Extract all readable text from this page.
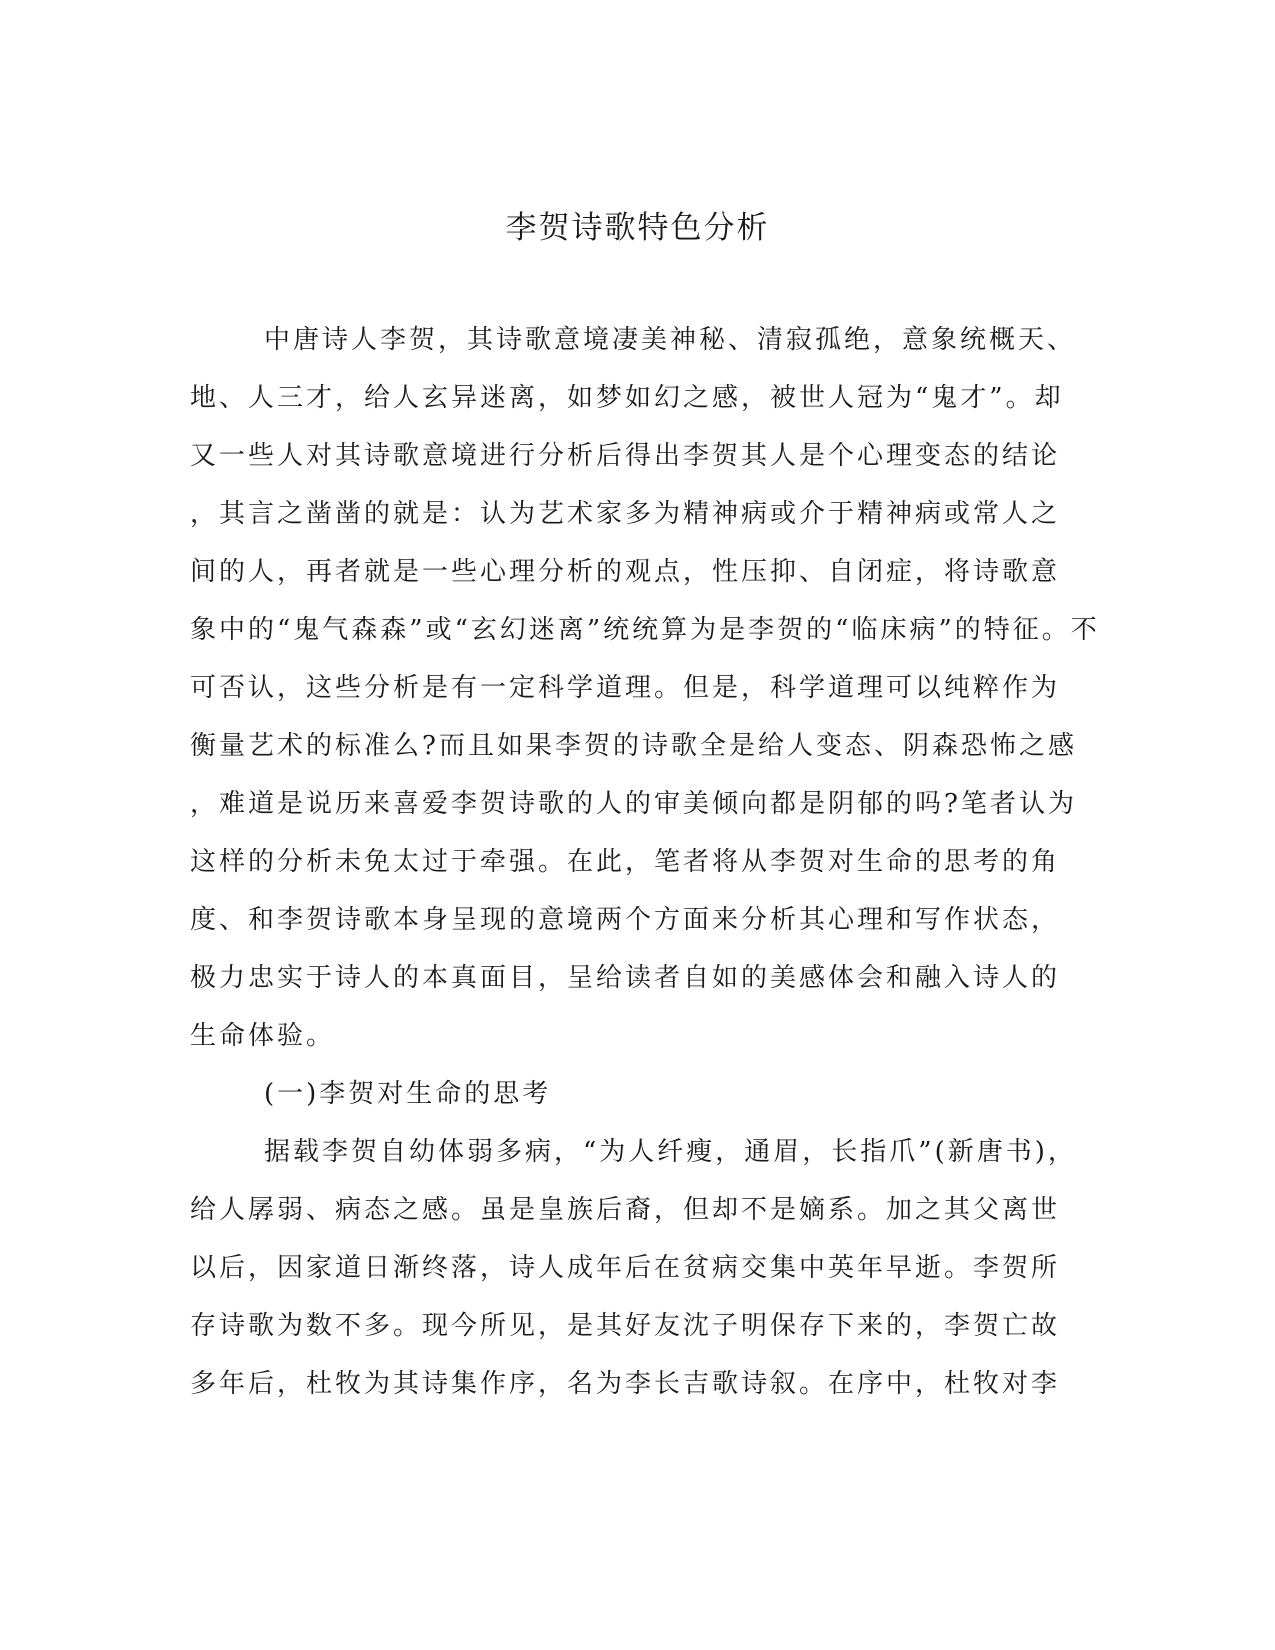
李贺诗歌特色分析
中唐诗人李贺，其诗歌意境凄美神秘、清寂孤绝，意象统概天、
地、人三才，给人玄异迷离，如梦如幻之感，被世人冠为“鬼才”。却
又一些人对其诗歌意境进行分析后得出李贺其人是个心理变态的结论
，其言之凿凿的就是：认为艺术家多为精神病或介于精神病或常人之
间的人，再者就是一些心理分析的观点，性压抑、自闭症，将诗歌意
象中的“鬼气森森”或“玄幻迷离”统统算为是李贺的“临床病”的特征。不
可否认，这些分析是有一定科学道理。但是，科学道理可以纯粹作为
衡量艺术的标准么?而且如果李贺的诗歌全是给人变态、阴森恐怖之感
，难道是说历来喜爱李贺诗歌的人的审美倾向都是阴郁的吗?笔者认为
这样的分析未免太过于牵强。在此，笔者将从李贺对生命的思考的角
度、和李贺诗歌本身呈现的意境两个方面来分析其心理和写作状态，
极力忠实于诗人的本真面目，呈给读者自如的美感体会和融入诗人的
生命体验。
(一)李贺对生命的思考
据载李贺自幼体弱多病，“为人纤瘦，通眉，长指爪”(新唐书)，
给人孱弱、病态之感。虽是皇族后裔，但却不是嫡系。加之其父离世
以后，因家道日渐终落，诗人成年后在贫病交集中英年早逝。李贺所
存诗歌为数不多。现今所见，是其好友沈子明保存下来的，李贺亡故
多年后，杜牧为其诗集作序，名为李长吉歌诗叙。在序中，杜牧对李
